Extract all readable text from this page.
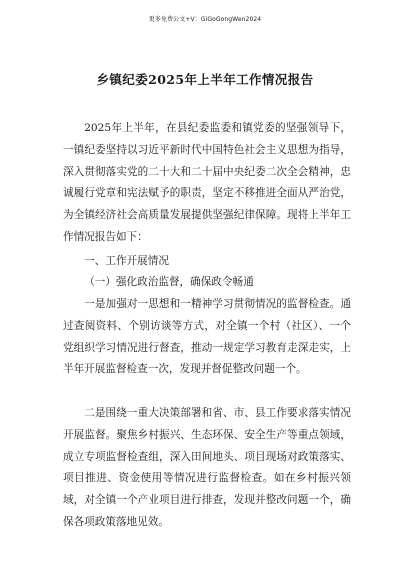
更多免费公文+V：GiGoGongWen2024
乡镇纪委2025年上半年工作情况报告

2025年上半年，在县纪委监委和镇党委的坚强领导下，一镇纪委坚持以习近平新时代中国特色社会主义思想为指导，深入贯彻落实党的二十大和二十届中央纪委二次全会精神，忠诚履行党章和宪法赋予的职责，坚定不移推进全面从严治党，为全镇经济社会高质量发展提供坚强纪律保障。现将上半年工作情况报告如下：

一、工作开展情况

（一）强化政治监督，确保政令畅通

一是加强对一思想和一精神学习贯彻情况的监督检查。通过查阅资料、个别访谈等方式，对全镇一个村（社区）、一个党组织学习情况进行督查，推动一规定学习教育走深走实，上半年开展监督检查一次，发现并督促整改问题一个。

二是围绕一重大决策部署和省、市、县工作要求落实情况开展监督。聚焦乡村振兴、生态环保、安全生产等重点领域，成立专项监督检查组，深入田间地头、项目现场对政策落实、项目推进、资金使用等情况进行监督检查。如在乡村振兴领域，对全镇一个产业项目进行排查，发现并整改问题一个，确保各项政策落地见效。
